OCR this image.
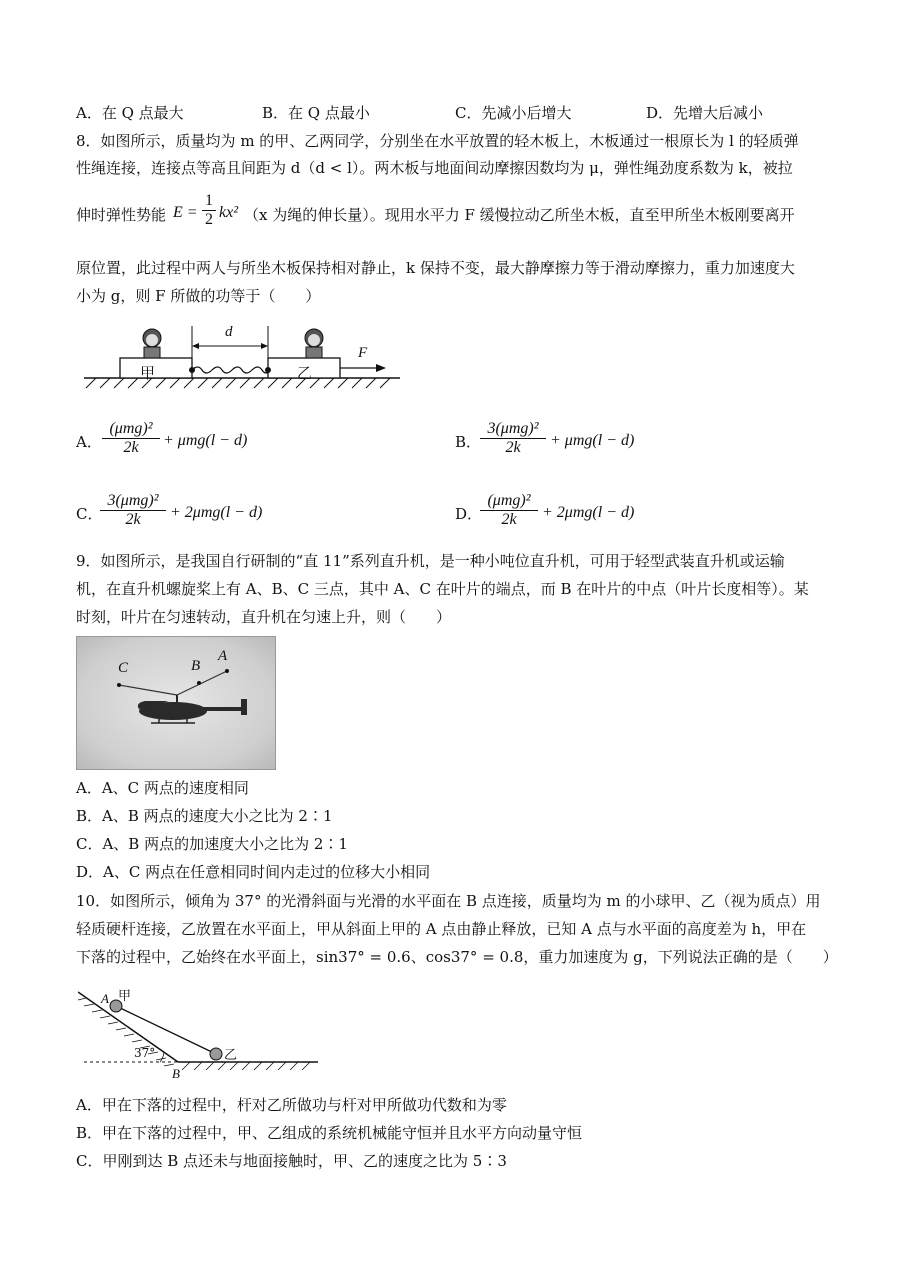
A．在 Q 点最大	B．在 Q 点最小	C．先减小后增大	D．先增大后减小
8．如图所示，质量均为 m 的甲、乙两同学，分别坐在水平放置的轻木板上，木板通过一根原长为 l 的轻质弹
性绳连接，连接点等高且间距为 d（d < l）。两木板与地面间动摩擦因数均为 μ，弹性绳劲度系数为 k，被拉
伸时弹性势能 $E = \frac{1}{2} kx^2$ （x 为绳的伸长量）。现用水平力 F 缓慢拉动乙所坐木板，直至甲所坐木板刚要离开
原位置，此过程中两人与所坐木板保持相对静止，k 保持不变，最大静摩擦力等于滑动摩擦力，重力加速度大
小为 g，则 F 所做的功等于（　　）
甲	乙
d
F
A．
(μmg)²
2k	+ μmg(l − d)	B．
3(μmg)²
2k	+ μmg(l − d)
C．
3(μmg)²
2k	+ 2μmg(l − d)	D．
(μmg)²
2k	+ 2μmg(l − d)
9．如图所示，是我国自行研制的“直 11”系列直升机，是一种小吨位直升机，可用于轻型武装直升机或运输
机，在直升机螺旋桨上有 A、B、C 三点，其中 A、C 在叶片的端点，而 B 在叶片的中点（叶片长度相等）。某
时刻，叶片在匀速转动，直升机在匀速上升，则（　　）
C	B
A
A．A、C 两点的速度相同
B．A、B 两点的速度大小之比为 2∶1
C．A、B 两点的加速度大小之比为 2∶1
D．A、C 两点在任意相同时间内走过的位移大小相同
10．如图所示，倾角为 37° 的光滑斜面与光滑的水平面在 B 点连接，质量均为 m 的小球甲、乙（视为质点）用
轻质硬杆连接，乙放置在水平面上，甲从斜面上甲的 A 点由静止释放，已知 A 点与水平面的高度差为 h，甲在
下落的过程中，乙始终在水平面上，sin37° = 0.6、cos37° = 0.8，重力加速度为 g，下列说法正确的是（　　）
A 甲
乙
37°
B
A．甲在下落的过程中，杆对乙所做功与杆对甲所做功代数和为零
B．甲在下落的过程中，甲、乙组成的系统机械能守恒并且水平方向动量守恒
C．甲刚到达 B 点还未与地面接触时，甲、乙的速度之比为 5∶3
